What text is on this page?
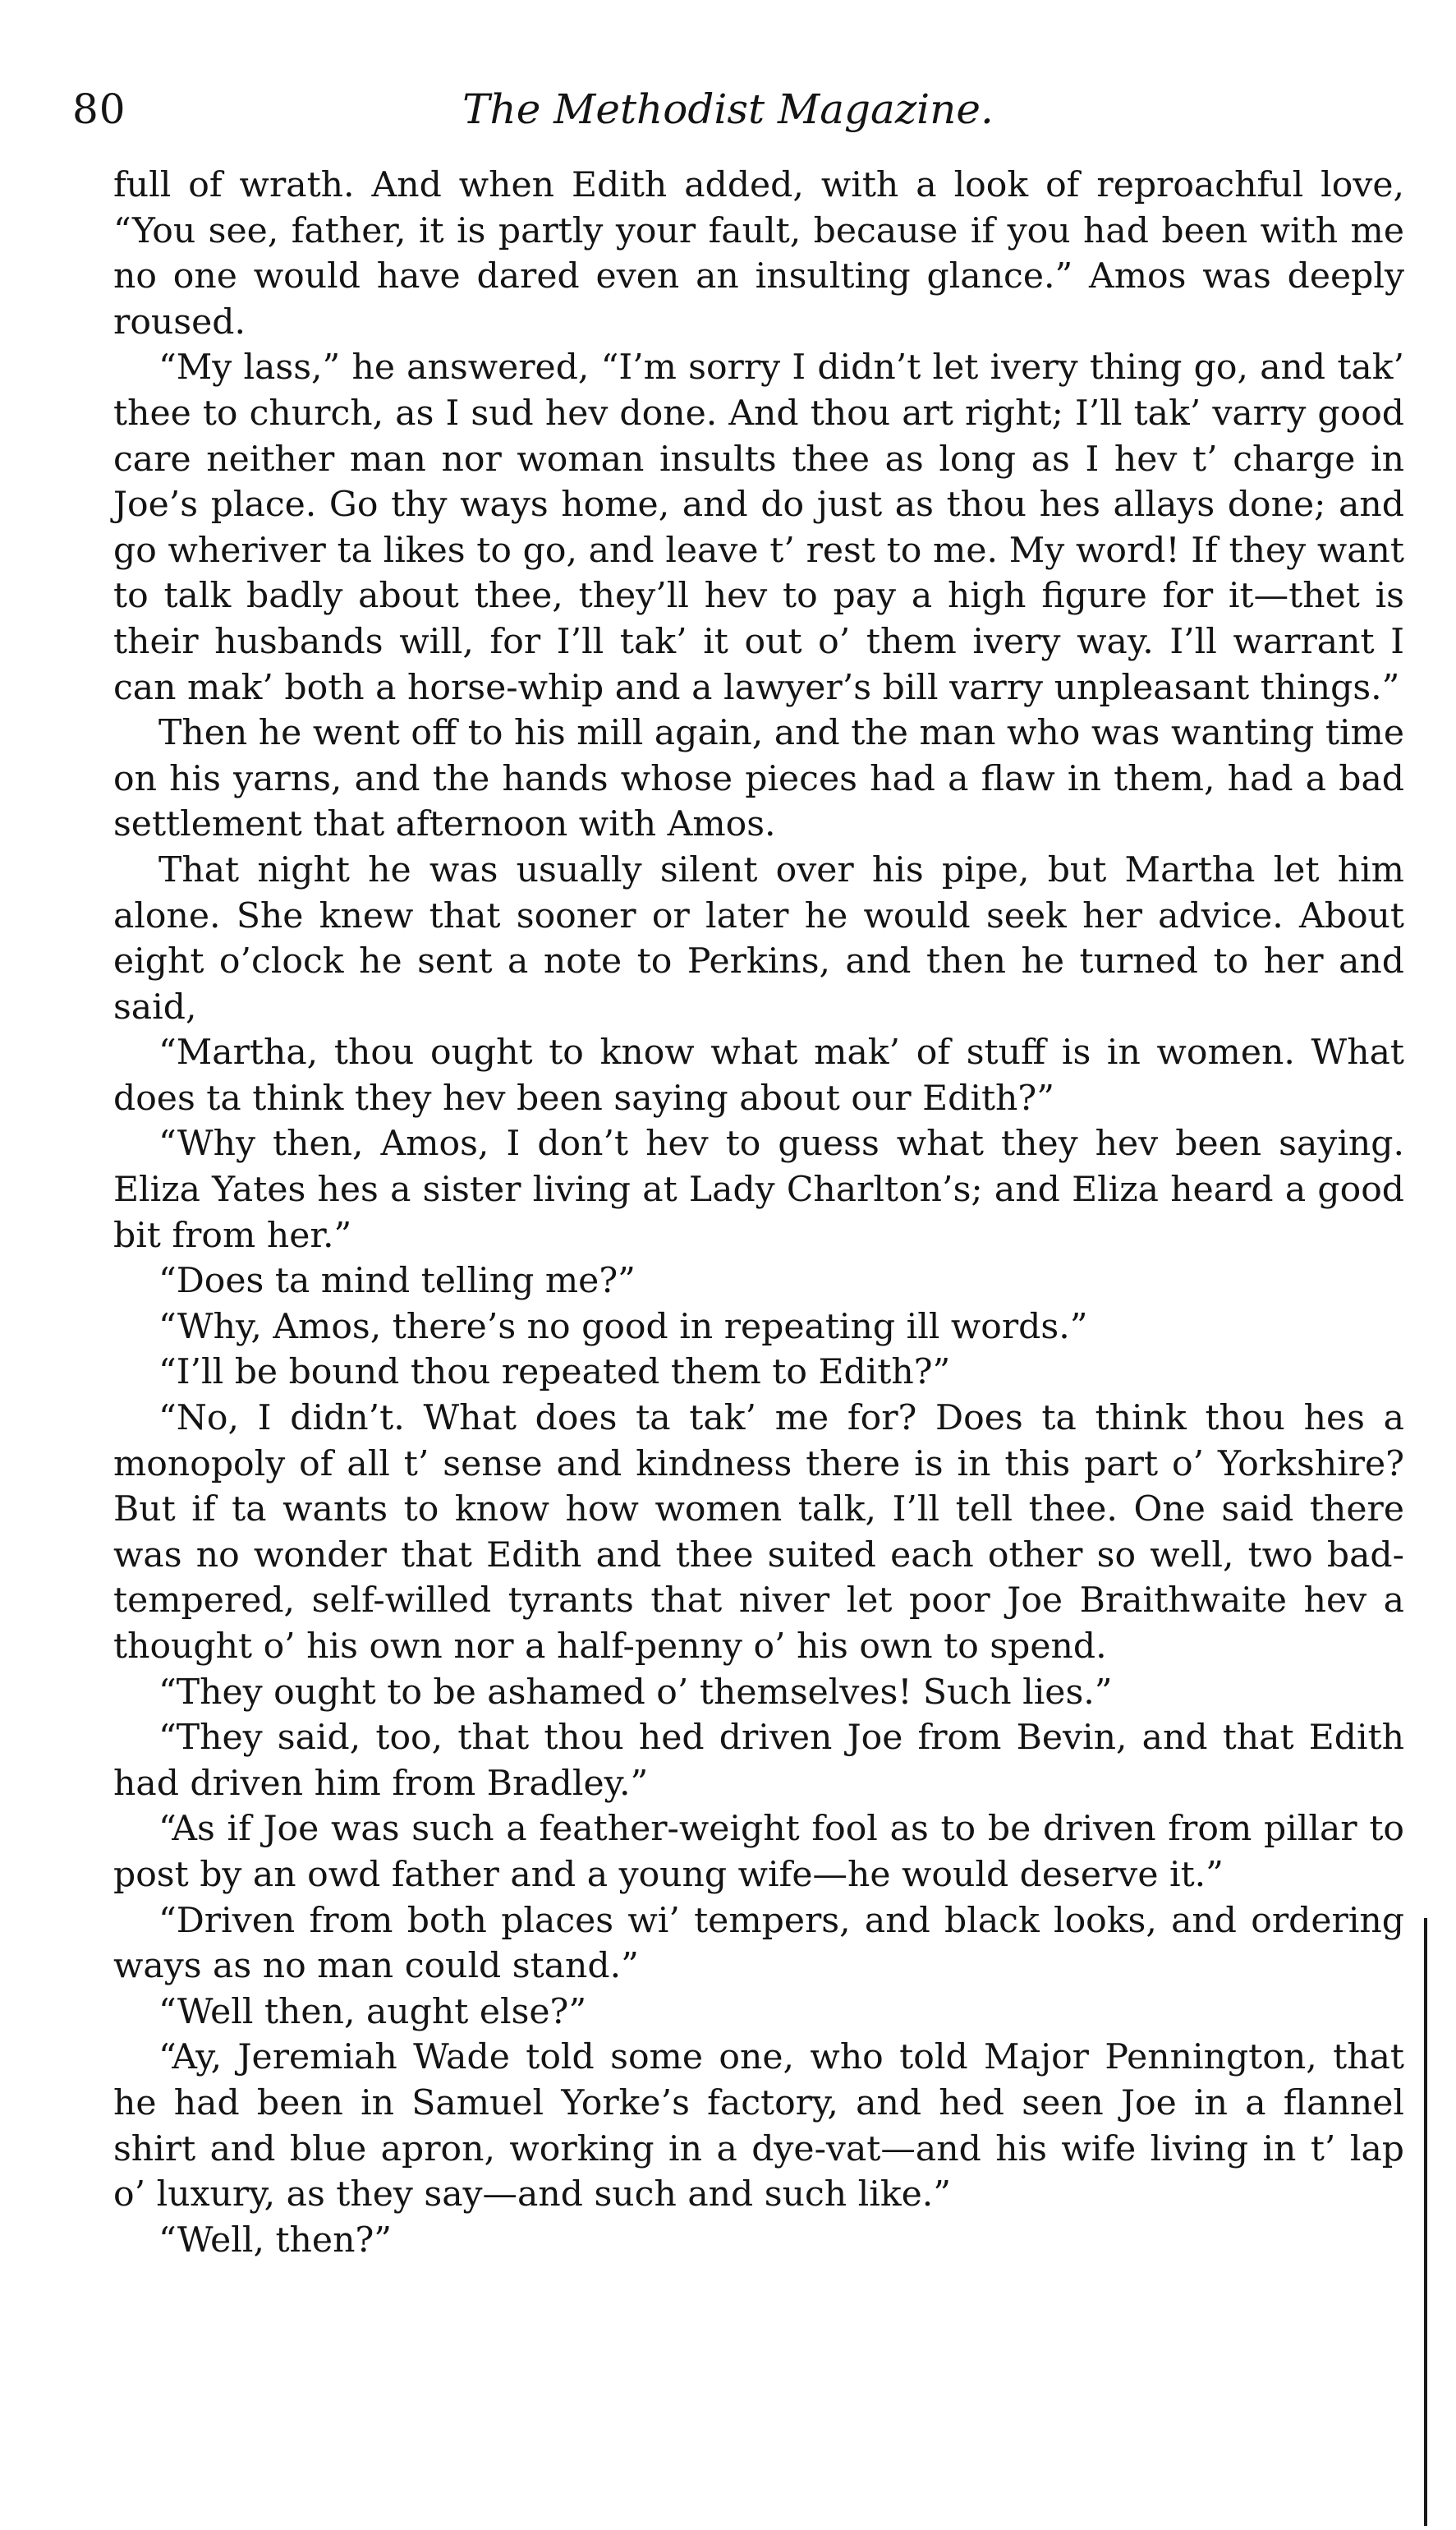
80	The Methodist Magazine.

full of wrath. And when Edith added, with a look of reproachful love, “You see, father, it is partly your fault, because if you had been with me no one would have dared even an insulting glance.” Amos was deeply roused.

“My lass,” he answered, “I’m sorry I didn’t let ivery thing go, and tak’ thee to church, as I sud hev done. And thou art right; I’ll tak’ varry good care neither man nor woman insults thee as long as I hev t’ charge in Joe’s place. Go thy ways home, and do just as thou hes allays done; and go wheriver ta likes to go, and leave t’ rest to me. My word! If they want to talk badly about thee, they’ll hev to pay a high figure for it—thet is their husbands will, for I’ll tak’ it out o’ them ivery way. I’ll warrant I can mak’ both a horse-whip and a lawyer’s bill varry unpleasant things.”

Then he went off to his mill again, and the man who was wanting time on his yarns, and the hands whose pieces had a flaw in them, had a bad settlement that afternoon with Amos.

That night he was usually silent over his pipe, but Martha let him alone. She knew that sooner or later he would seek her advice. About eight o’clock he sent a note to Perkins, and then he turned to her and said,

“Martha, thou ought to know what mak’ of stuff is in women. What does ta think they hev been saying about our Edith?”

“Why then, Amos, I don’t hev to guess what they hev been saying. Eliza Yates hes a sister living at Lady Charlton’s; and Eliza heard a good bit from her.”

“Does ta mind telling me?”

“Why, Amos, there’s no good in repeating ill words.”

“I’ll be bound thou repeated them to Edith?”

“No, I didn’t. What does ta tak’ me for? Does ta think thou hes a monopoly of all t’ sense and kindness there is in this part o’ Yorkshire? But if ta wants to know how women talk, I’ll tell thee. One said there was no wonder that Edith and thee suited each other so well, two bad-tempered, self-willed tyrants that niver let poor Joe Braithwaite hev a thought o’ his own nor a half-penny o’ his own to spend.

“They ought to be ashamed o’ themselves! Such lies.”

“They said, too, that thou hed driven Joe from Bevin, and that Edith had driven him from Bradley.”

“As if Joe was such a feather-weight fool as to be driven from pillar to post by an owd father and a young wife—he would deserve it.”

“Driven from both places wi’ tempers, and black looks, and ordering ways as no man could stand.”

“Well then, aught else?”

“Ay, Jeremiah Wade told some one, who told Major Pennington, that he had been in Samuel Yorke’s factory, and hed seen Joe in a flannel shirt and blue apron, working in a dye-vat—and his wife living in t’ lap o’ luxury, as they say—and such and such like.”

“Well, then?”
